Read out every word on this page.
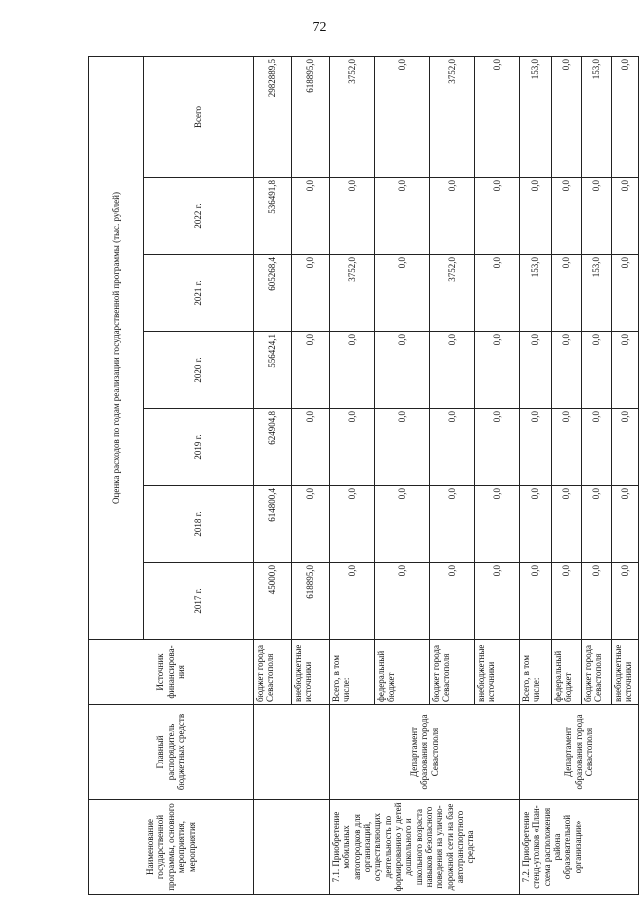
72
Наименование государственной программы, основного мероприятия, мероприятия	Главный распорядитель бюджетных средств	Источник финансирова-ния	Оценка расходов по годам реализации государственной программы (тыс. рублей)						
			2017 г.	2018 г.	2019 г.	2020 г.	2021 г.	2022 г.	Всего
		бюджет города Севастополя	45000,0	614800,4	624904,8	556424,1	605268,4	536491,8	2982889,5
		внебюджетные источники	618895,0	0,0	0,0	0,0	0,0	0,0	618895,0
7.1. Приобретение мобильных автогородков для организаций, осуществляющих деятельность по формированию у детей дошкольного и школьного возраста навыков безопасного поведения на улично-дорожной сети на базе автотранспортного средства	Департамент образования города Севастополя	Всего, в том числе:	0,0	0,0	0,0	0,0	3752,0	0,0	3752,0
		федеральный бюджет	0,0	0,0	0,0	0,0	0,0	0,0	0,0
		бюджет города Севастополя	0,0	0,0	0,0	0,0	3752,0	0,0	3752,0
		внебюджетные источники	0,0	0,0	0,0	0,0	0,0	0,0	0,0
7.2. Приобретение стенд-уголков «План-схема расположения района образовательной организации»	Департамент образования города Севастополя	Всего, в том числе:	0,0	0,0	0,0	0,0	153,0	0,0	153,0
		федеральный бюджет	0,0	0,0	0,0	0,0	0,0	0,0	0,0
		бюджет города Севастополя	0,0	0,0	0,0	0,0	153,0	0,0	153,0
		внебюджетные источники	0,0	0,0	0,0	0,0	0,0	0,0	0,0
